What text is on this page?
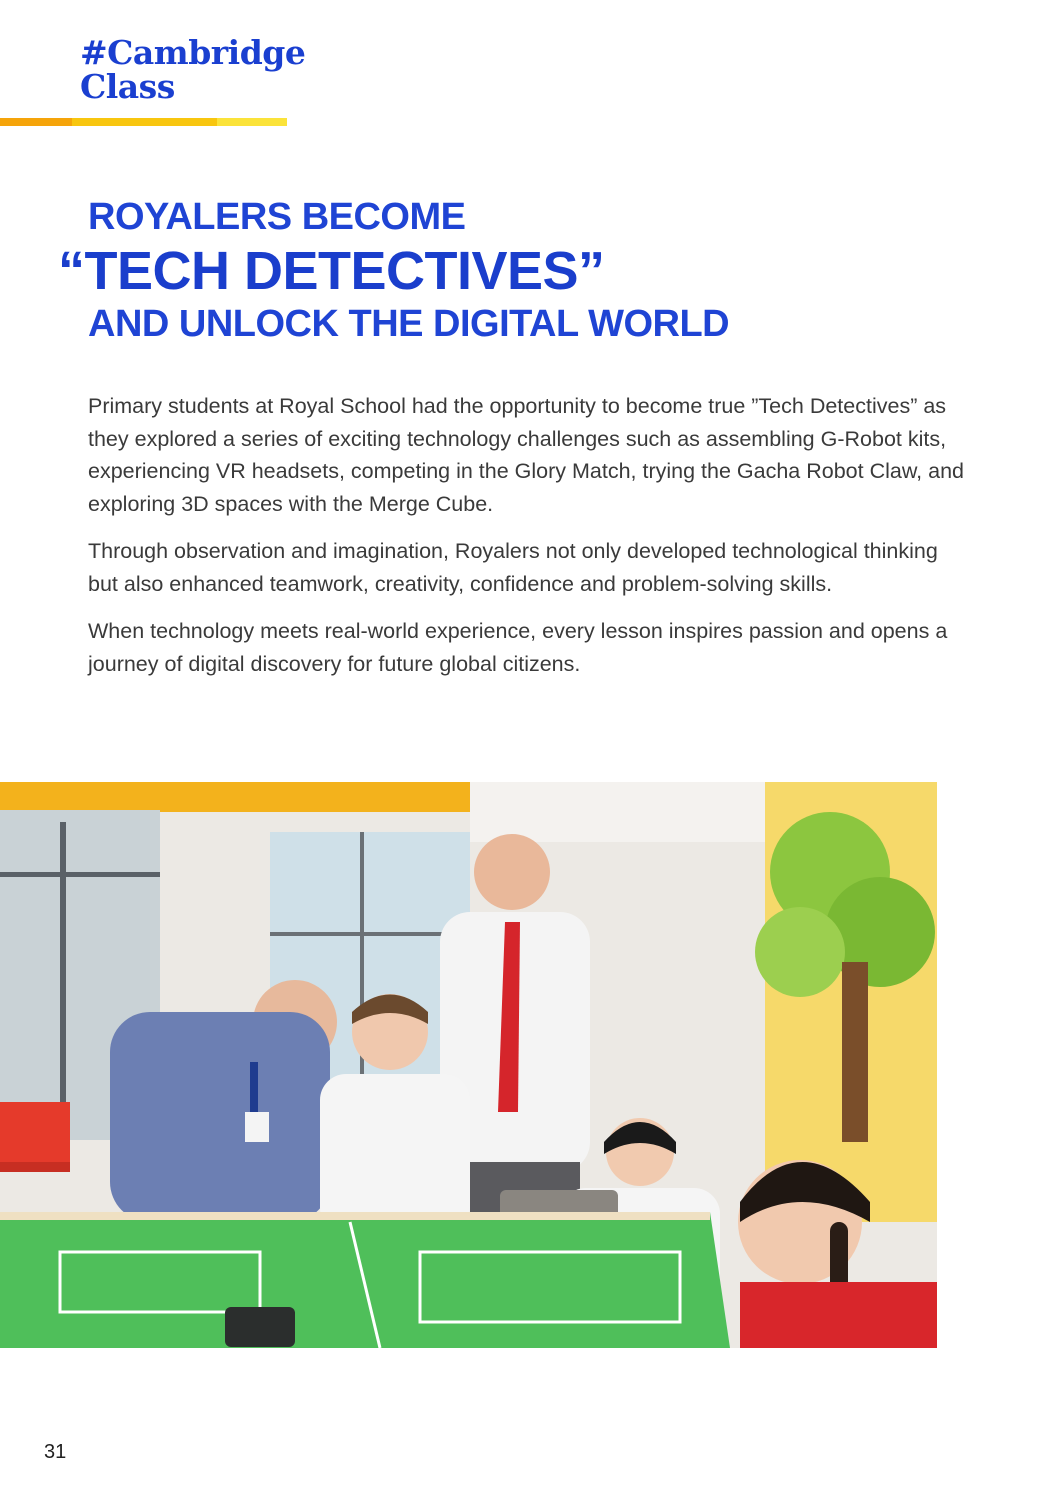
#Cambridge
Class
ROYALERS BECOME
“TECH DETECTIVES”
AND UNLOCK THE DIGITAL WORLD

Primary students at Royal School had the opportunity to become true ”Tech Detectives” as they explored a series of exciting technology challenges such as assembling G-Robot kits, experiencing VR headsets, competing in the Glory Match, trying the Gacha Robot Claw, and exploring 3D spaces with the Merge Cube.

Through observation and imagination, Royalers not only developed technological thinking but also enhanced teamwork, creativity, confidence and problem-solving skills.

When technology meets real-world experience, every lesson inspires passion and opens a journey of digital discovery for future global citizens.

31
